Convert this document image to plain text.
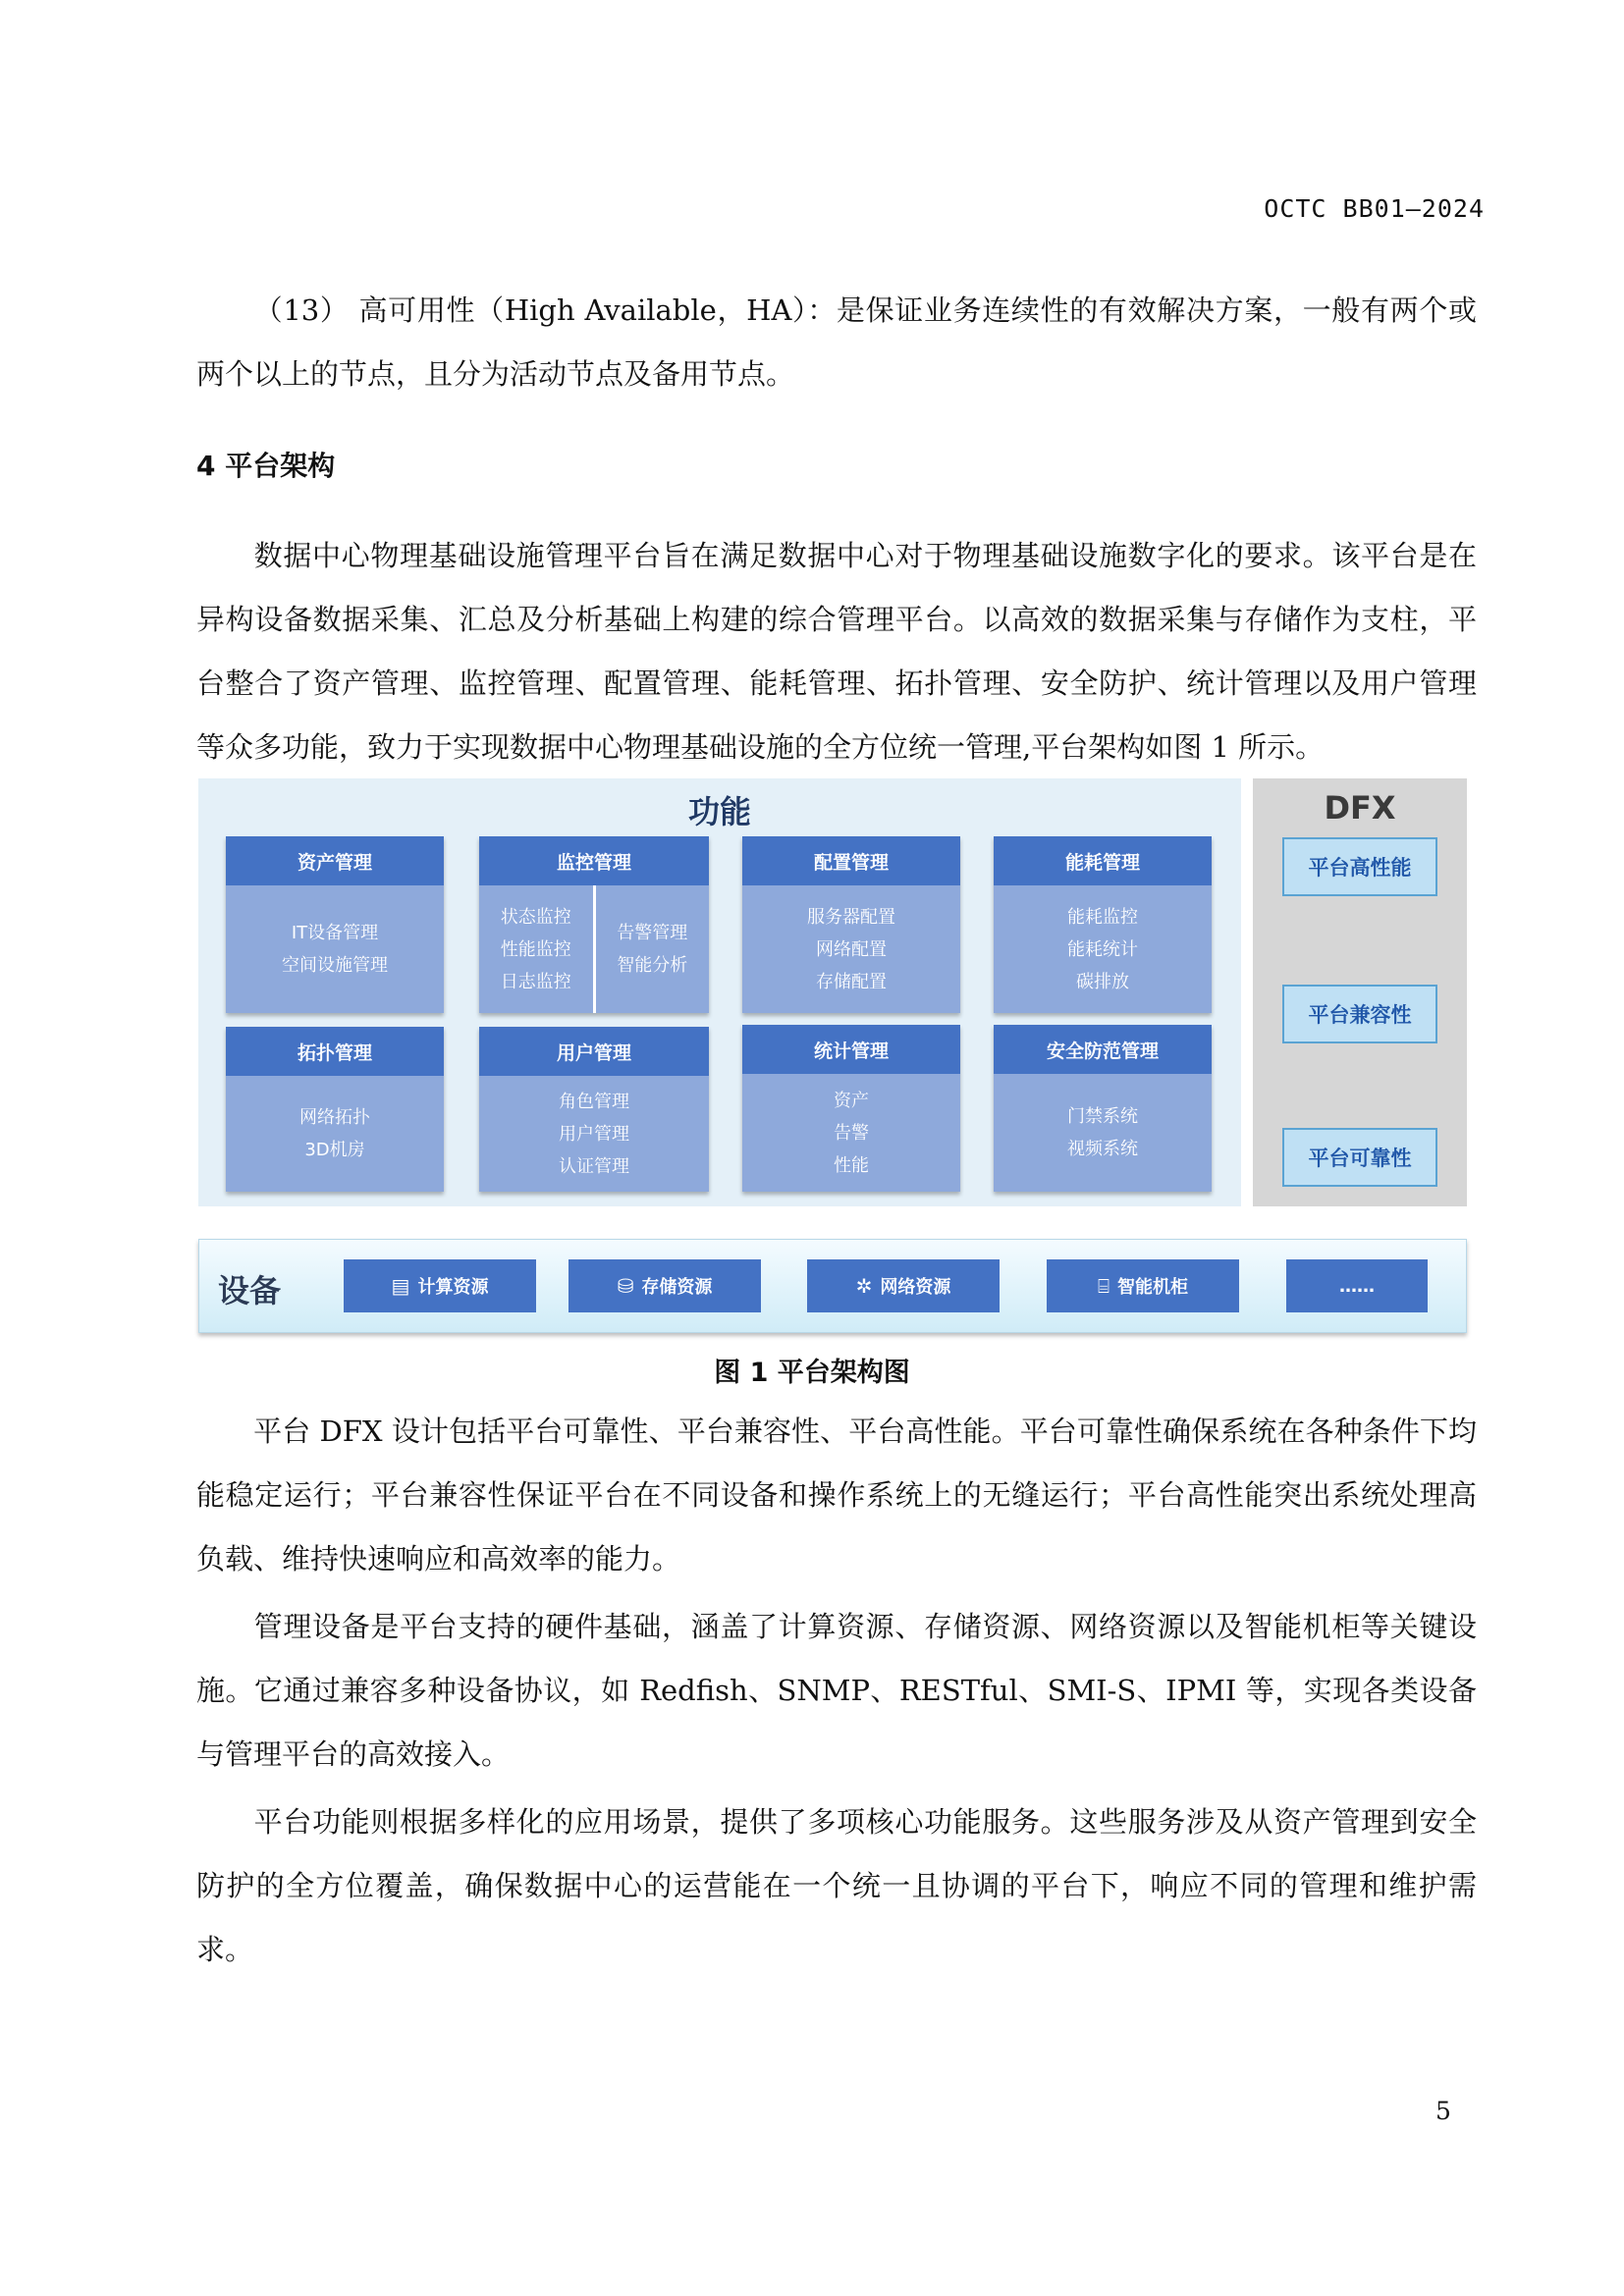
OCTC BB01—2024
（13） 高可用性（High Available，HA）：是保证业务连续性的有效解决方案，一般有两个或两个以上的节点，且分为活动节点及备用节点。
4 平台架构
数据中心物理基础设施管理平台旨在满足数据中心对于物理基础设施数字化的要求。该平台是在异构设备数据采集、汇总及分析基础上构建的综合管理平台。以高效的数据采集与存储作为支柱，平台整合了资产管理、监控管理、配置管理、能耗管理、拓扑管理、安全防护、统计管理以及用户管理等众多功能，致力于实现数据中心物理基础设施的全方位统一管理,平台架构如图 1 所示。
功能
资产管理
IT设备管理
空间设施管理
监控管理
状态监控
性能监控
日志监控
告警管理
智能分析
配置管理
服务器配置
网络配置
存储配置
能耗管理
能耗监控
能耗统计
碳排放
拓扑管理
网络拓扑
3D机房
用户管理
角色管理
用户管理
认证管理
统计管理
资产
告警
性能
安全防范管理
门禁系统
视频系统
DFX
平台高性能
平台兼容性
平台可靠性
设备	▤ 计算资源	⛁ 存储资源	✲ 网络资源	⌸ 智能机柜	……
图 1 平台架构图
平台 DFX 设计包括平台可靠性、平台兼容性、平台高性能。平台可靠性确保系统在各种条件下均能稳定运行；平台兼容性保证平台在不同设备和操作系统上的无缝运行；平台高性能突出系统处理高负载、维持快速响应和高效率的能力。
管理设备是平台支持的硬件基础，涵盖了计算资源、存储资源、网络资源以及智能机柜等关键设施。它通过兼容多种设备协议，如 Redfish、SNMP、RESTful、SMI-S、IPMI 等，实现各类设备与管理平台的高效接入。
平台功能则根据多样化的应用场景，提供了多项核心功能服务。这些服务涉及从资产管理到安全防护的全方位覆盖，确保数据中心的运营能在一个统一且协调的平台下，响应不同的管理和维护需求。
5
